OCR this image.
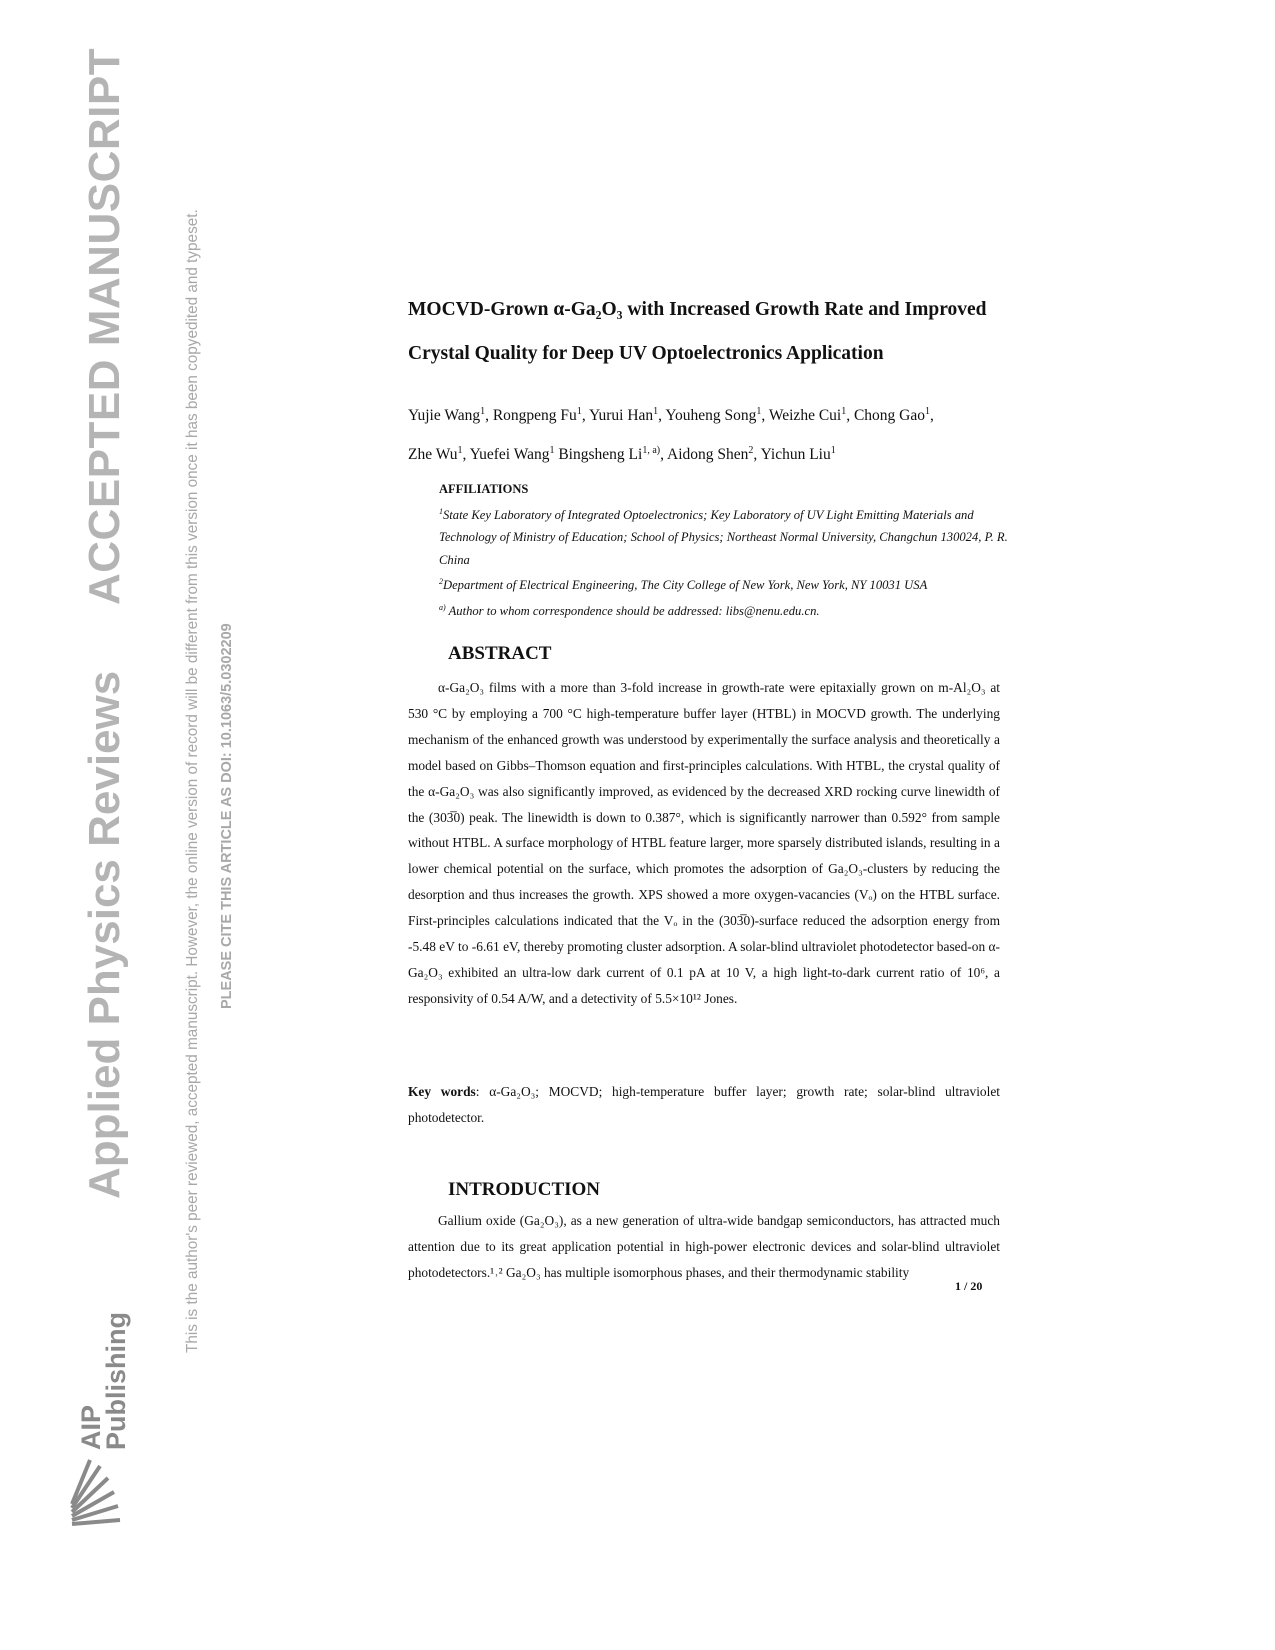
ACCEPTED MANUSCRIPT
Applied Physics Reviews
AIP
Publishing
This is the author's peer reviewed, accepted manuscript. However, the online version of record will be different from this version once it has been copyedited and typeset. PLEASE CITE THIS ARTICLE AS DOI: 10.1063/5.0302209
MOCVD-Grown α-Ga₂O₃ with Increased Growth Rate and Improved
Crystal Quality for Deep UV Optoelectronics Application
Yujie Wang$^1$, Rongpeng Fu$^1$, Yurui Han$^1$, Youheng Song$^1$, Weizhe Cui$^1$, Chong Gao$^1$,
Zhe Wu$^1$, Yuefei Wang$^1$ Bingsheng Li$^{1, a)}$, Aidong Shen$^2$, Yichun Liu$^1$
AFFILIATIONS
$^1$State Key Laboratory of Integrated Optoelectronics; Key Laboratory of UV Light Emitting Materials and Technology of Ministry of Education; School of Physics; Northeast Normal University, Changchun 130024, P. R. China
$^2$Department of Electrical Engineering, The City College of New York, New York, NY 10031 USA
$^{a)}$ Author to whom correspondence should be addressed: libs@nenu.edu.cn.
ABSTRACT
α-Ga₂O₃ films with a more than 3-fold increase in growth-rate were epitaxially grown on m-Al₂O₃ at 530 °C by employing a 700 °C high-temperature buffer layer (HTBL) in MOCVD growth. The underlying mechanism of the enhanced growth was understood by experimentally the surface analysis and theoretically a model based on Gibbs–Thomson equation and first-principles calculations. With HTBL, the crystal quality of the α-Ga₂O₃ was also significantly improved, as evidenced by the decreased XRD rocking curve linewidth of the (303̅0) peak. The linewidth is down to 0.387°, which is significantly narrower than 0.592° from sample without HTBL. A surface morphology of HTBL feature larger, more sparsely distributed islands, resulting in a lower chemical potential on the surface, which promotes the adsorption of Ga₂O₃-clusters by reducing the desorption and thus increases the growth. XPS showed a more oxygen-vacancies (Vₒ) on the HTBL surface. First-principles calculations indicated that the Vₒ in the (303̅0)-surface reduced the adsorption energy from -5.48 eV to -6.61 eV, thereby promoting cluster adsorption. A solar-blind ultraviolet photodetector based-on α-Ga₂O₃ exhibited an ultra-low dark current of 0.1 pA at 10 V, a high light-to-dark current ratio of 10⁶, a responsivity of 0.54 A/W, and a detectivity of 5.5×10¹² Jones.
Key words: α-Ga₂O₃; MOCVD; high-temperature buffer layer; growth rate; solar-blind ultraviolet photodetector.
INTRODUCTION
Gallium oxide (Ga₂O₃), as a new generation of ultra-wide bandgap semiconductors, has attracted much attention due to its great application potential in high-power electronic devices and solar-blind ultraviolet photodetectors.¹˒² Ga₂O₃ has multiple isomorphous phases, and their thermodynamic stability
1 / 20
